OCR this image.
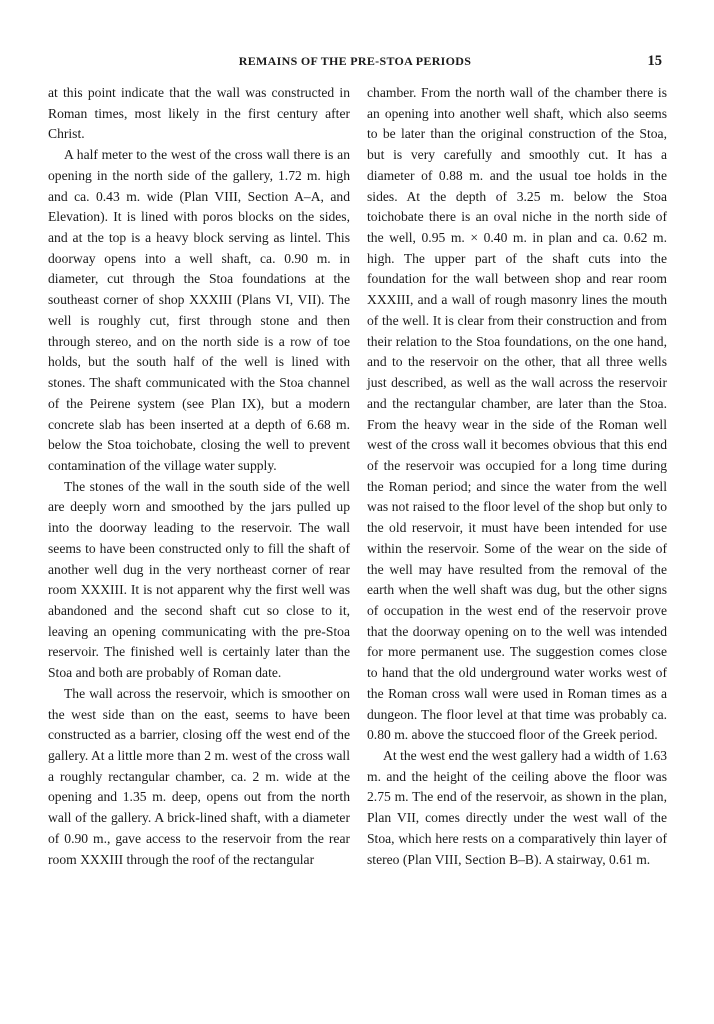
REMAINS OF THE PRE-STOA PERIODS	15

at this point indicate that the wall was constructed in Roman times, most likely in the first century after Christ.

A half meter to the west of the cross wall there is an opening in the north side of the gallery, 1.72 m. high and ca. 0.43 m. wide (Plan VIII, Section A–A, and Elevation). It is lined with poros blocks on the sides, and at the top is a heavy block serving as lintel. This doorway opens into a well shaft, ca. 0.90 m. in diameter, cut through the Stoa foundations at the southeast corner of shop XXXIII (Plans VI, VII). The well is roughly cut, first through stone and then through stereo, and on the north side is a row of toe holds, but the south half of the well is lined with stones. The shaft communicated with the Stoa channel of the Peirene system (see Plan IX), but a modern concrete slab has been inserted at a depth of 6.68 m. below the Stoa toichobate, closing the well to prevent contamination of the village water supply.

The stones of the wall in the south side of the well are deeply worn and smoothed by the jars pulled up into the doorway leading to the reservoir. The wall seems to have been constructed only to fill the shaft of another well dug in the very northeast corner of rear room XXXIII. It is not apparent why the first well was abandoned and the second shaft cut so close to it, leaving an opening communicating with the pre-Stoa reservoir. The finished well is certainly later than the Stoa and both are probably of Roman date.

The wall across the reservoir, which is smoother on the west side than on the east, seems to have been constructed as a barrier, closing off the west end of the gallery. At a little more than 2 m. west of the cross wall a roughly rectangular chamber, ca. 2 m. wide at the opening and 1.35 m. deep, opens out from the north wall of the gallery. A brick-lined shaft, with a diameter of 0.90 m., gave access to the reservoir from the rear room XXXIII through the roof of the rectangular

chamber. From the north wall of the chamber there is an opening into another well shaft, which also seems to be later than the original construction of the Stoa, but is very carefully and smoothly cut. It has a diameter of 0.88 m. and the usual toe holds in the sides. At the depth of 3.25 m. below the Stoa toichobate there is an oval niche in the north side of the well, 0.95 m. × 0.40 m. in plan and ca. 0.62 m. high. The upper part of the shaft cuts into the foundation for the wall between shop and rear room XXXIII, and a wall of rough masonry lines the mouth of the well. It is clear from their construction and from their relation to the Stoa foundations, on the one hand, and to the reservoir on the other, that all three wells just described, as well as the wall across the reservoir and the rectangular chamber, are later than the Stoa. From the heavy wear in the side of the Roman well west of the cross wall it becomes obvious that this end of the reservoir was occupied for a long time during the Roman period; and since the water from the well was not raised to the floor level of the shop but only to the old reservoir, it must have been intended for use within the reservoir. Some of the wear on the side of the well may have resulted from the removal of the earth when the well shaft was dug, but the other signs of occupation in the west end of the reservoir prove that the doorway opening on to the well was intended for more permanent use. The suggestion comes close to hand that the old underground water works west of the Roman cross wall were used in Roman times as a dungeon. The floor level at that time was probably ca. 0.80 m. above the stuccoed floor of the Greek period.

At the west end the west gallery had a width of 1.63 m. and the height of the ceiling above the floor was 2.75 m. The end of the reservoir, as shown in the plan, Plan VII, comes directly under the west wall of the Stoa, which here rests on a comparatively thin layer of stereo (Plan VIII, Section B–B). A stairway, 0.61 m.
